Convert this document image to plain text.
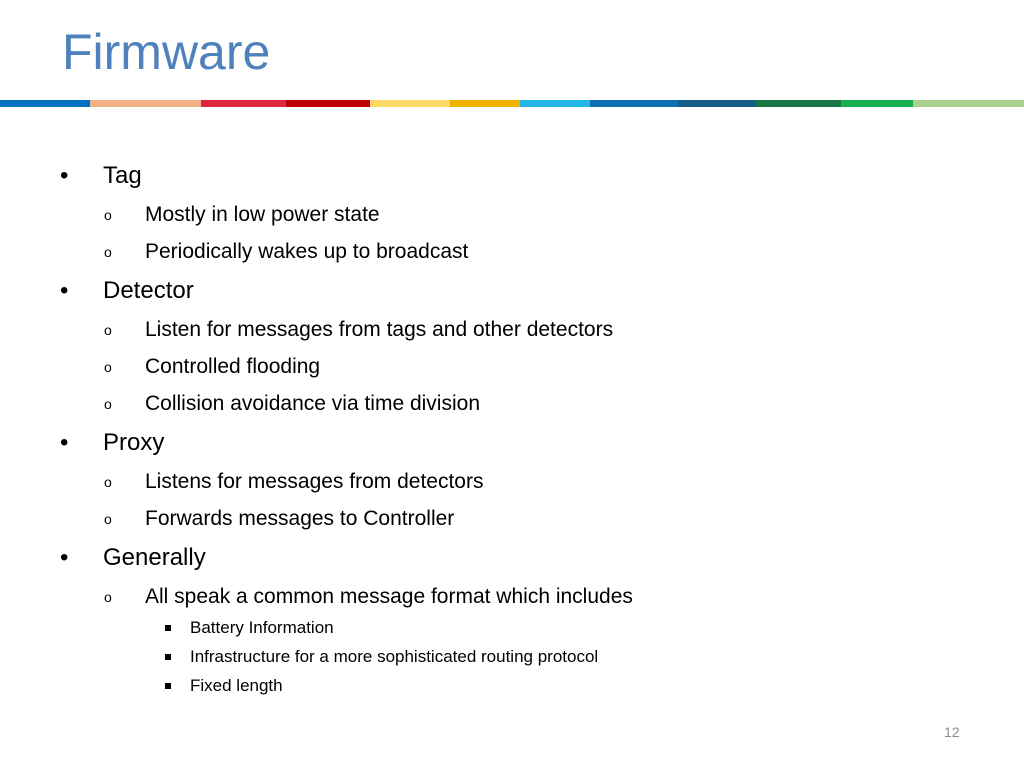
Firmware
• Tag
o Mostly in low power state
o Periodically wakes up to broadcast
• Detector
o Listen for messages from tags and other detectors
o Controlled flooding
o Collision avoidance via time division
• Proxy
o Listens for messages from detectors
o Forwards messages to Controller
• Generally
o All speak a common message format which includes
Battery Information
Infrastructure for a more sophisticated routing protocol
Fixed length
12
